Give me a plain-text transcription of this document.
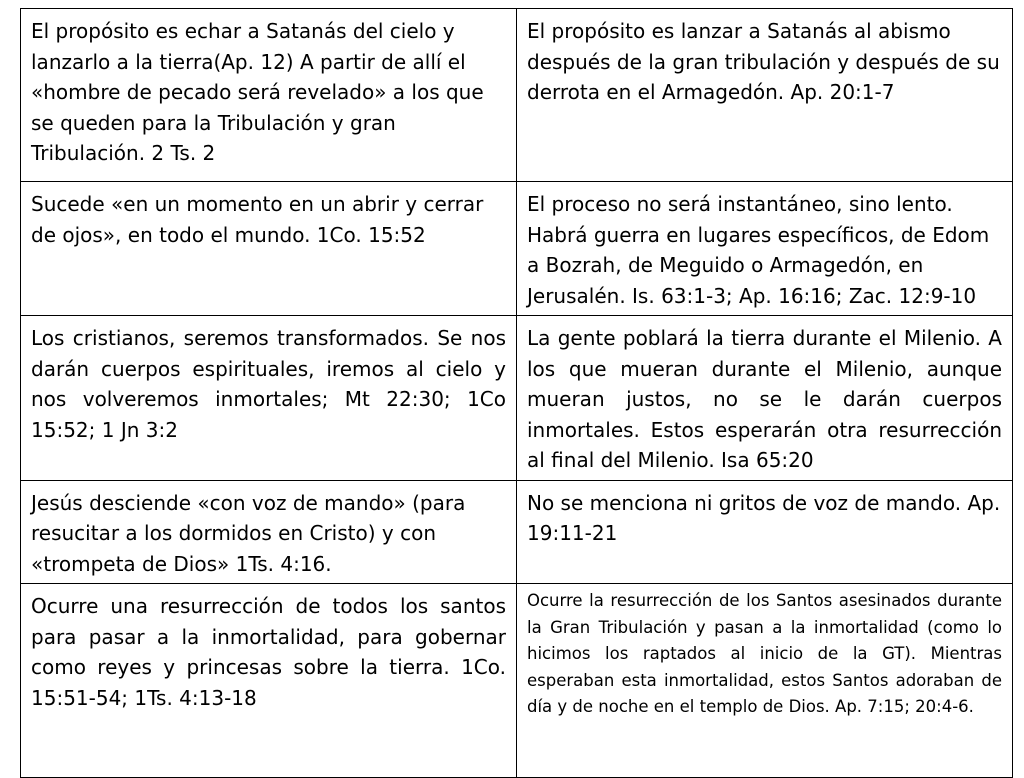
El propósito es echar a Satanás del cielo y lanzarlo a la tierra(Ap. 12) A partir de allí el «hombre de pecado será revelado» a los que se queden para la Tribulación y gran Tribulación. 2 Ts. 2	El propósito es lanzar a Satanás al abismo después de la gran tribulación y después de su derrota en el Armagedón. Ap. 20:1-7
Sucede «en un momento en un abrir y cerrar de ojos», en todo el mundo. 1Co. 15:52	El proceso no será instantáneo, sino lento. Habrá guerra en lugares específicos, de Edom a Bozrah, de Meguido o Armagedón, en Jerusalén. Is. 63:1-3; Ap. 16:16; Zac. 12:9-10
Los cristianos, seremos transformados. Se nos darán cuerpos espirituales, iremos al cielo y nos volveremos inmortales; Mt 22:30; 1Co 15:52; 1 Jn 3:2	La gente poblará la tierra durante el Milenio. A los que mueran durante el Milenio, aunque mueran justos, no se le darán cuerpos inmortales. Estos esperarán otra resurrección al final del Milenio. Isa 65:20
Jesús desciende «con voz de mando» (para resucitar a los dormidos en Cristo) y con «trompeta de Dios» 1Ts. 4:16.	No se menciona ni gritos de voz de mando. Ap. 19:11-21
Ocurre una resurrección de todos los santos para pasar a la inmortalidad, para gobernar como reyes y princesas sobre la tierra. 1Co. 15:51-54; 1Ts. 4:13-18	Ocurre la resurrección de los Santos asesinados durante la Gran Tribulación y pasan a la inmortalidad (como lo hicimos los raptados al inicio de la GT). Mientras esperaban esta inmortalidad, estos Santos adoraban de día y de noche en el templo de Dios. Ap. 7:15; 20:4-6.
